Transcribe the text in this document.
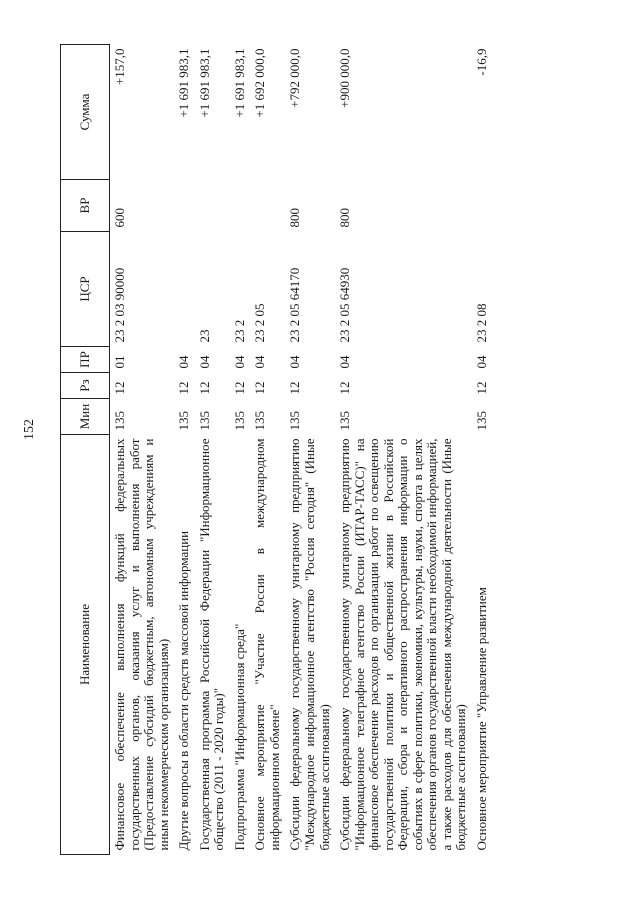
152
Наименование	Мин	Рз	ПР	ЦСР	ВР	Сумма
Финансовое обеспечение выполнения функций федеральных государственных органов, оказания услуг и выполнения работ (Предоставление субсидий бюджетным, автономным учреждениям и иным некоммерческим организациям)	135	12	01	23 2 03 90000	600	+157,0
Другие вопросы в области средств массовой информации	135	12	04			+1 691 983,1
Государственная программа Российской Федерации "Информационное общество (2011 - 2020 годы)"	135	12	04	23		+1 691 983,1
Подпрограмма "Информационная среда"	135	12	04	23 2		+1 691 983,1
Основное мероприятие "Участие России в международном информационном обмене"	135	12	04	23 2 05		+1 692 000,0
Субсидии федеральному государственному унитарному предприятию "Международное информационное агентство "Россия сегодня" (Иные бюджетные ассигнования)	135	12	04	23 2 05 64170	800	+792 000,0
Субсидии федеральному государственному унитарному предприятию "Информационное телеграфное агентство России (ИТАР-ТАСС)" на финансовое обеспечение расходов по организации работ по освещению государственной политики и общественной жизни в Российской Федерации, сбора и оперативного распространения информации о событиях в сфере политики, экономики, культуры, науки, спорта в целях обеспечения органов государственной власти необходимой информацией, а также расходов для обеспечения международной деятельности (Иные бюджетные ассигнования)	135	12	04	23 2 05 64930	800	+900 000,0
Основное мероприятие "Управление развитием	135	12	04	23 2 08		-16,9
